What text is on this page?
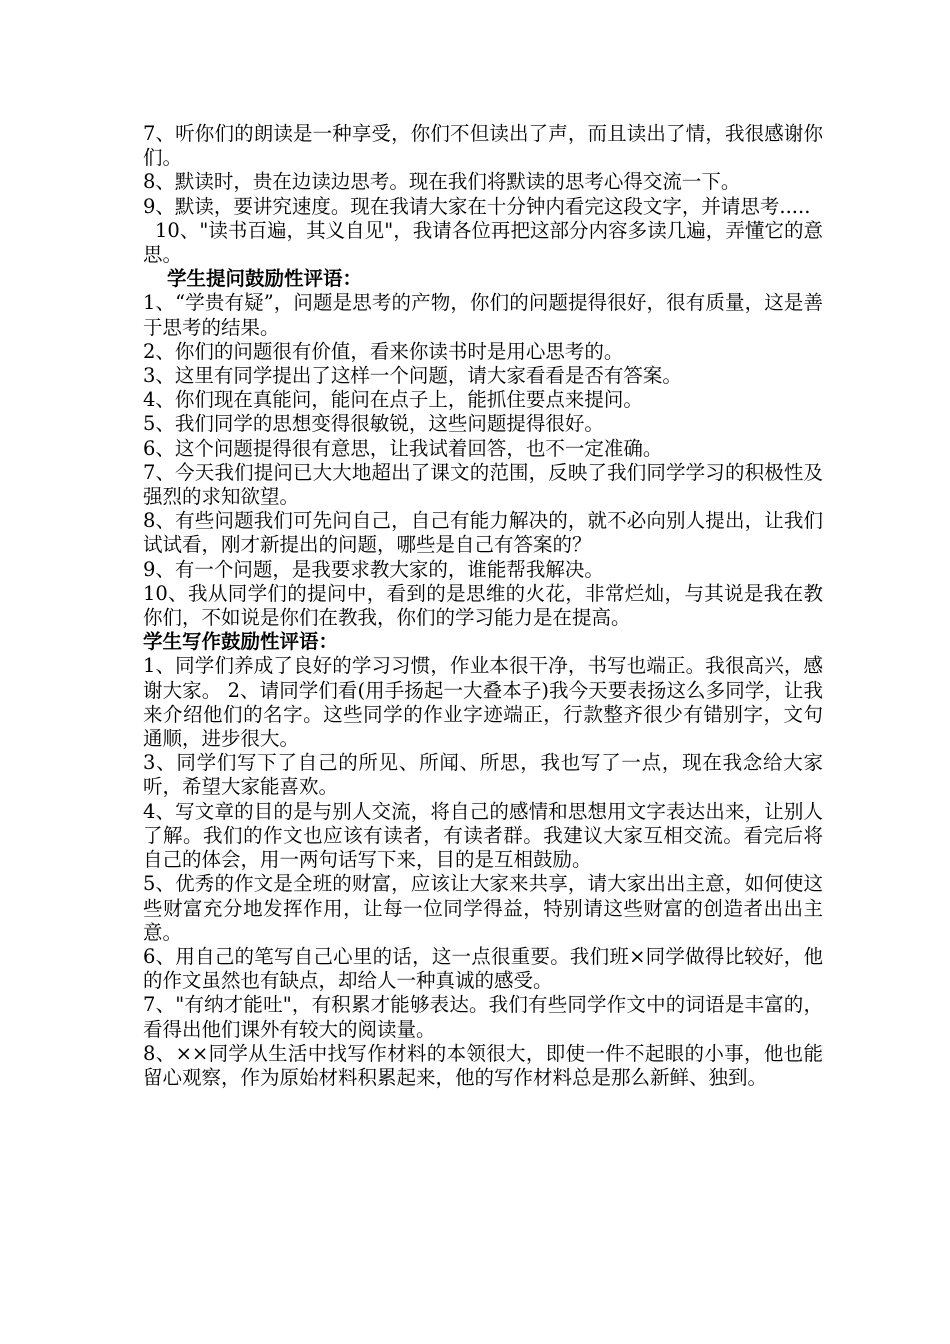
7、听你们的朗读是一种享受，你们不但读出了声，而且读出了情，我很感谢你们。

8、默读时，贵在边读边思考。现在我们将默读的思考心得交流一下。

9、默读，要讲究速度。现在我请大家在十分钟内看完这段文字，并请思考.....

10、"读书百遍，其义自见"，我请各位再把这部分内容多读几遍，弄懂它的意思。

学生提问鼓励性评语：

1、“学贵有疑”，问题是思考的产物，你们的问题提得很好，很有质量，这是善于思考的结果。

2、你们的问题很有价值，看来你读书时是用心思考的。

3、这里有同学提出了这样一个问题，请大家看看是否有答案。

4、你们现在真能问，能问在点子上，能抓住要点来提问。

5、我们同学的思想变得很敏锐，这些问题提得很好。

6、这个问题提得很有意思，让我试着回答，也不一定准确。

7、今天我们提问已大大地超出了课文的范围，反映了我们同学学习的积极性及强烈的求知欲望。

8、有些问题我们可先问自己，自己有能力解决的，就不必向别人提出，让我们试试看，刚才新提出的问题，哪些是自己有答案的？

9、有一个问题，是我要求教大家的，谁能帮我解决。

10、我从同学们的提问中，看到的是思维的火花，非常烂灿，与其说是我在教你们，不如说是你们在教我，你们的学习能力是在提高。

学生写作鼓励性评语：

1、同学们养成了良好的学习习惯，作业本很干净，书写也端正。我很高兴，感谢大家。 2、请同学们看(用手扬起一大叠本子)我今天要表扬这么多同学，让我来介绍他们的名字。这些同学的作业字迹端正，行款整齐很少有错别字，文句通顺，进步很大。

3、同学们写下了自己的所见、所闻、所思，我也写了一点，现在我念给大家听，希望大家能喜欢。

4、写文章的目的是与别人交流，将自己的感情和思想用文字表达出来，让别人了解。我们的作文也应该有读者，有读者群。我建议大家互相交流。看完后将自己的体会，用一两句话写下来，目的是互相鼓励。

5、优秀的作文是全班的财富，应该让大家来共享，请大家出出主意，如何使这些财富充分地发挥作用，让每一位同学得益，特别请这些财富的创造者出出主意。

6、用自己的笔写自己心里的话，这一点很重要。我们班×同学做得比较好，他的作文虽然也有缺点，却给人一种真诚的感受。

7、"有纳才能吐"，有积累才能够表达。我们有些同学作文中的词语是丰富的，看得出他们课外有较大的阅读量。

8、××同学从生活中找写作材料的本领很大，即使一件不起眼的小事，他也能留心观察，作为原始材料积累起来，他的写作材料总是那么新鲜、独到。
